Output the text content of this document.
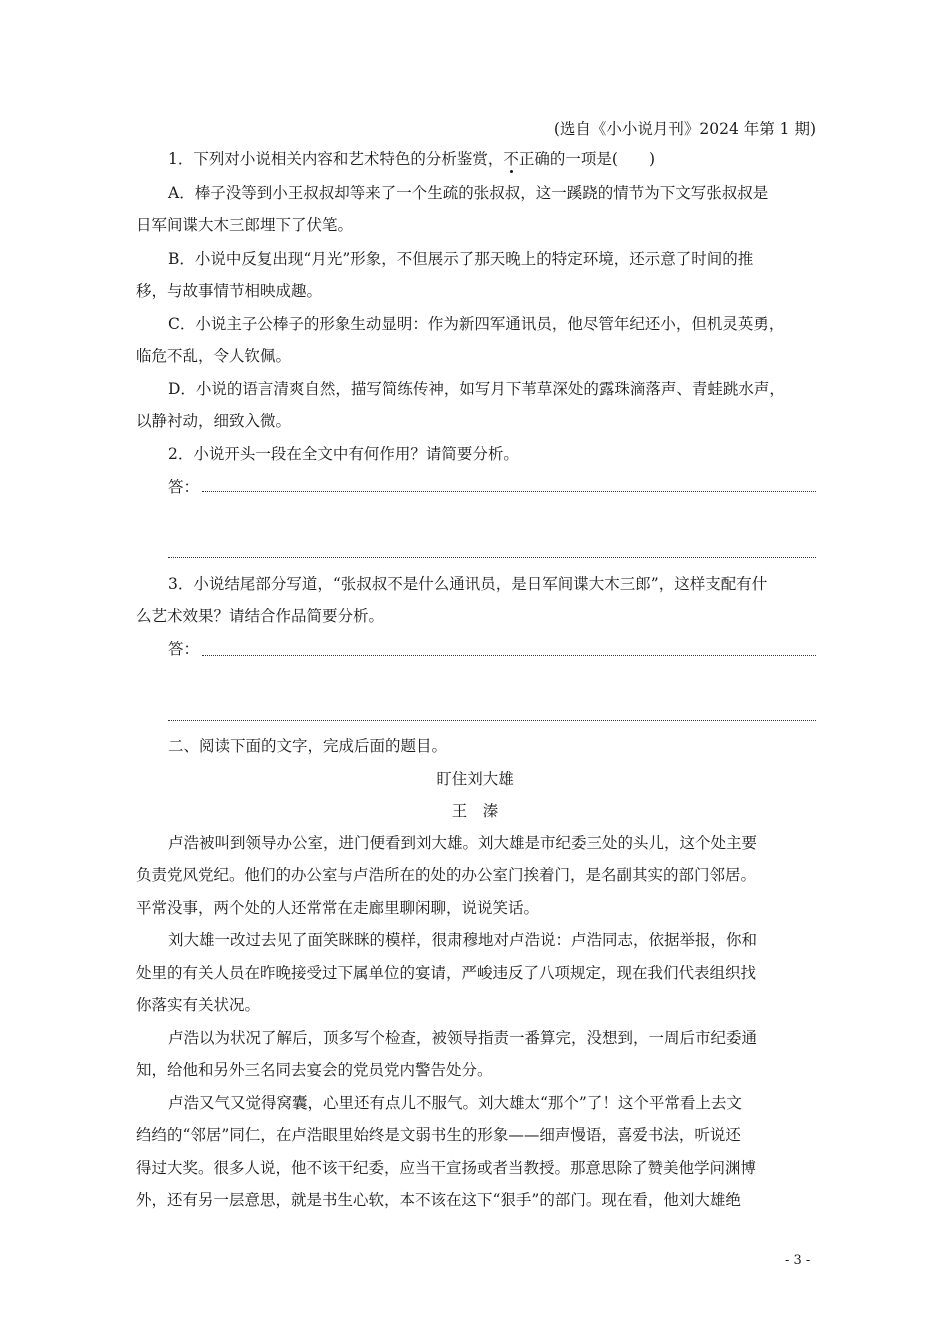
(选自《小小说月刊》2024 年第 1 期)
1．下列对小说相关内容和艺术特色的分析鉴赏，不正确的一项是(　　)
A．棒子没等到小王叔叔却等来了一个生疏的张叔叔，这一蹊跷的情节为下文写张叔叔是
日军间谍大木三郎埋下了伏笔。
B．小说中反复出现“月光”形象，不但展示了那天晚上的特定环境，还示意了时间的推
移，与故事情节相映成趣。
C．小说主子公棒子的形象生动显明：作为新四军通讯员，他尽管年纪还小，但机灵英勇，
临危不乱，令人钦佩。
D．小说的语言清爽自然，描写简练传神，如写月下苇草深处的露珠滴落声、青蛙跳水声，
以静衬动，细致入微。
2．小说开头一段在全文中有何作用？请简要分析。
答：
3．小说结尾部分写道，“张叔叔不是什么通讯员，是日军间谍大木三郎”，这样支配有什
么艺术效果？请结合作品简要分析。
答：
二、阅读下面的文字，完成后面的题目。
盯住刘大雄
王　溱
卢浩被叫到领导办公室，进门便看到刘大雄。刘大雄是市纪委三处的头儿，这个处主要
负责党风党纪。他们的办公室与卢浩所在的处的办公室门挨着门，是名副其实的部门邻居。
平常没事，两个处的人还常常在走廊里聊闲聊，说说笑话。
刘大雄一改过去见了面笑眯眯的模样，很肃穆地对卢浩说：卢浩同志，依据举报，你和
处里的有关人员在昨晚接受过下属单位的宴请，严峻违反了八项规定，现在我们代表组织找
你落实有关状况。
卢浩以为状况了解后，顶多写个检查，被领导指责一番算完，没想到，一周后市纪委通
知，给他和另外三名同去宴会的党员党内警告处分。
卢浩又气又觉得窝囊，心里还有点儿不服气。刘大雄太“那个”了！这个平常看上去文
绉绉的“邻居”同仁，在卢浩眼里始终是文弱书生的形象——细声慢语，喜爱书法，听说还
得过大奖。很多人说，他不该干纪委，应当干宣扬或者当教授。那意思除了赞美他学问渊博
外，还有另一层意思，就是书生心软，本不该在这下“狠手”的部门。现在看，他刘大雄绝
- 3 -
